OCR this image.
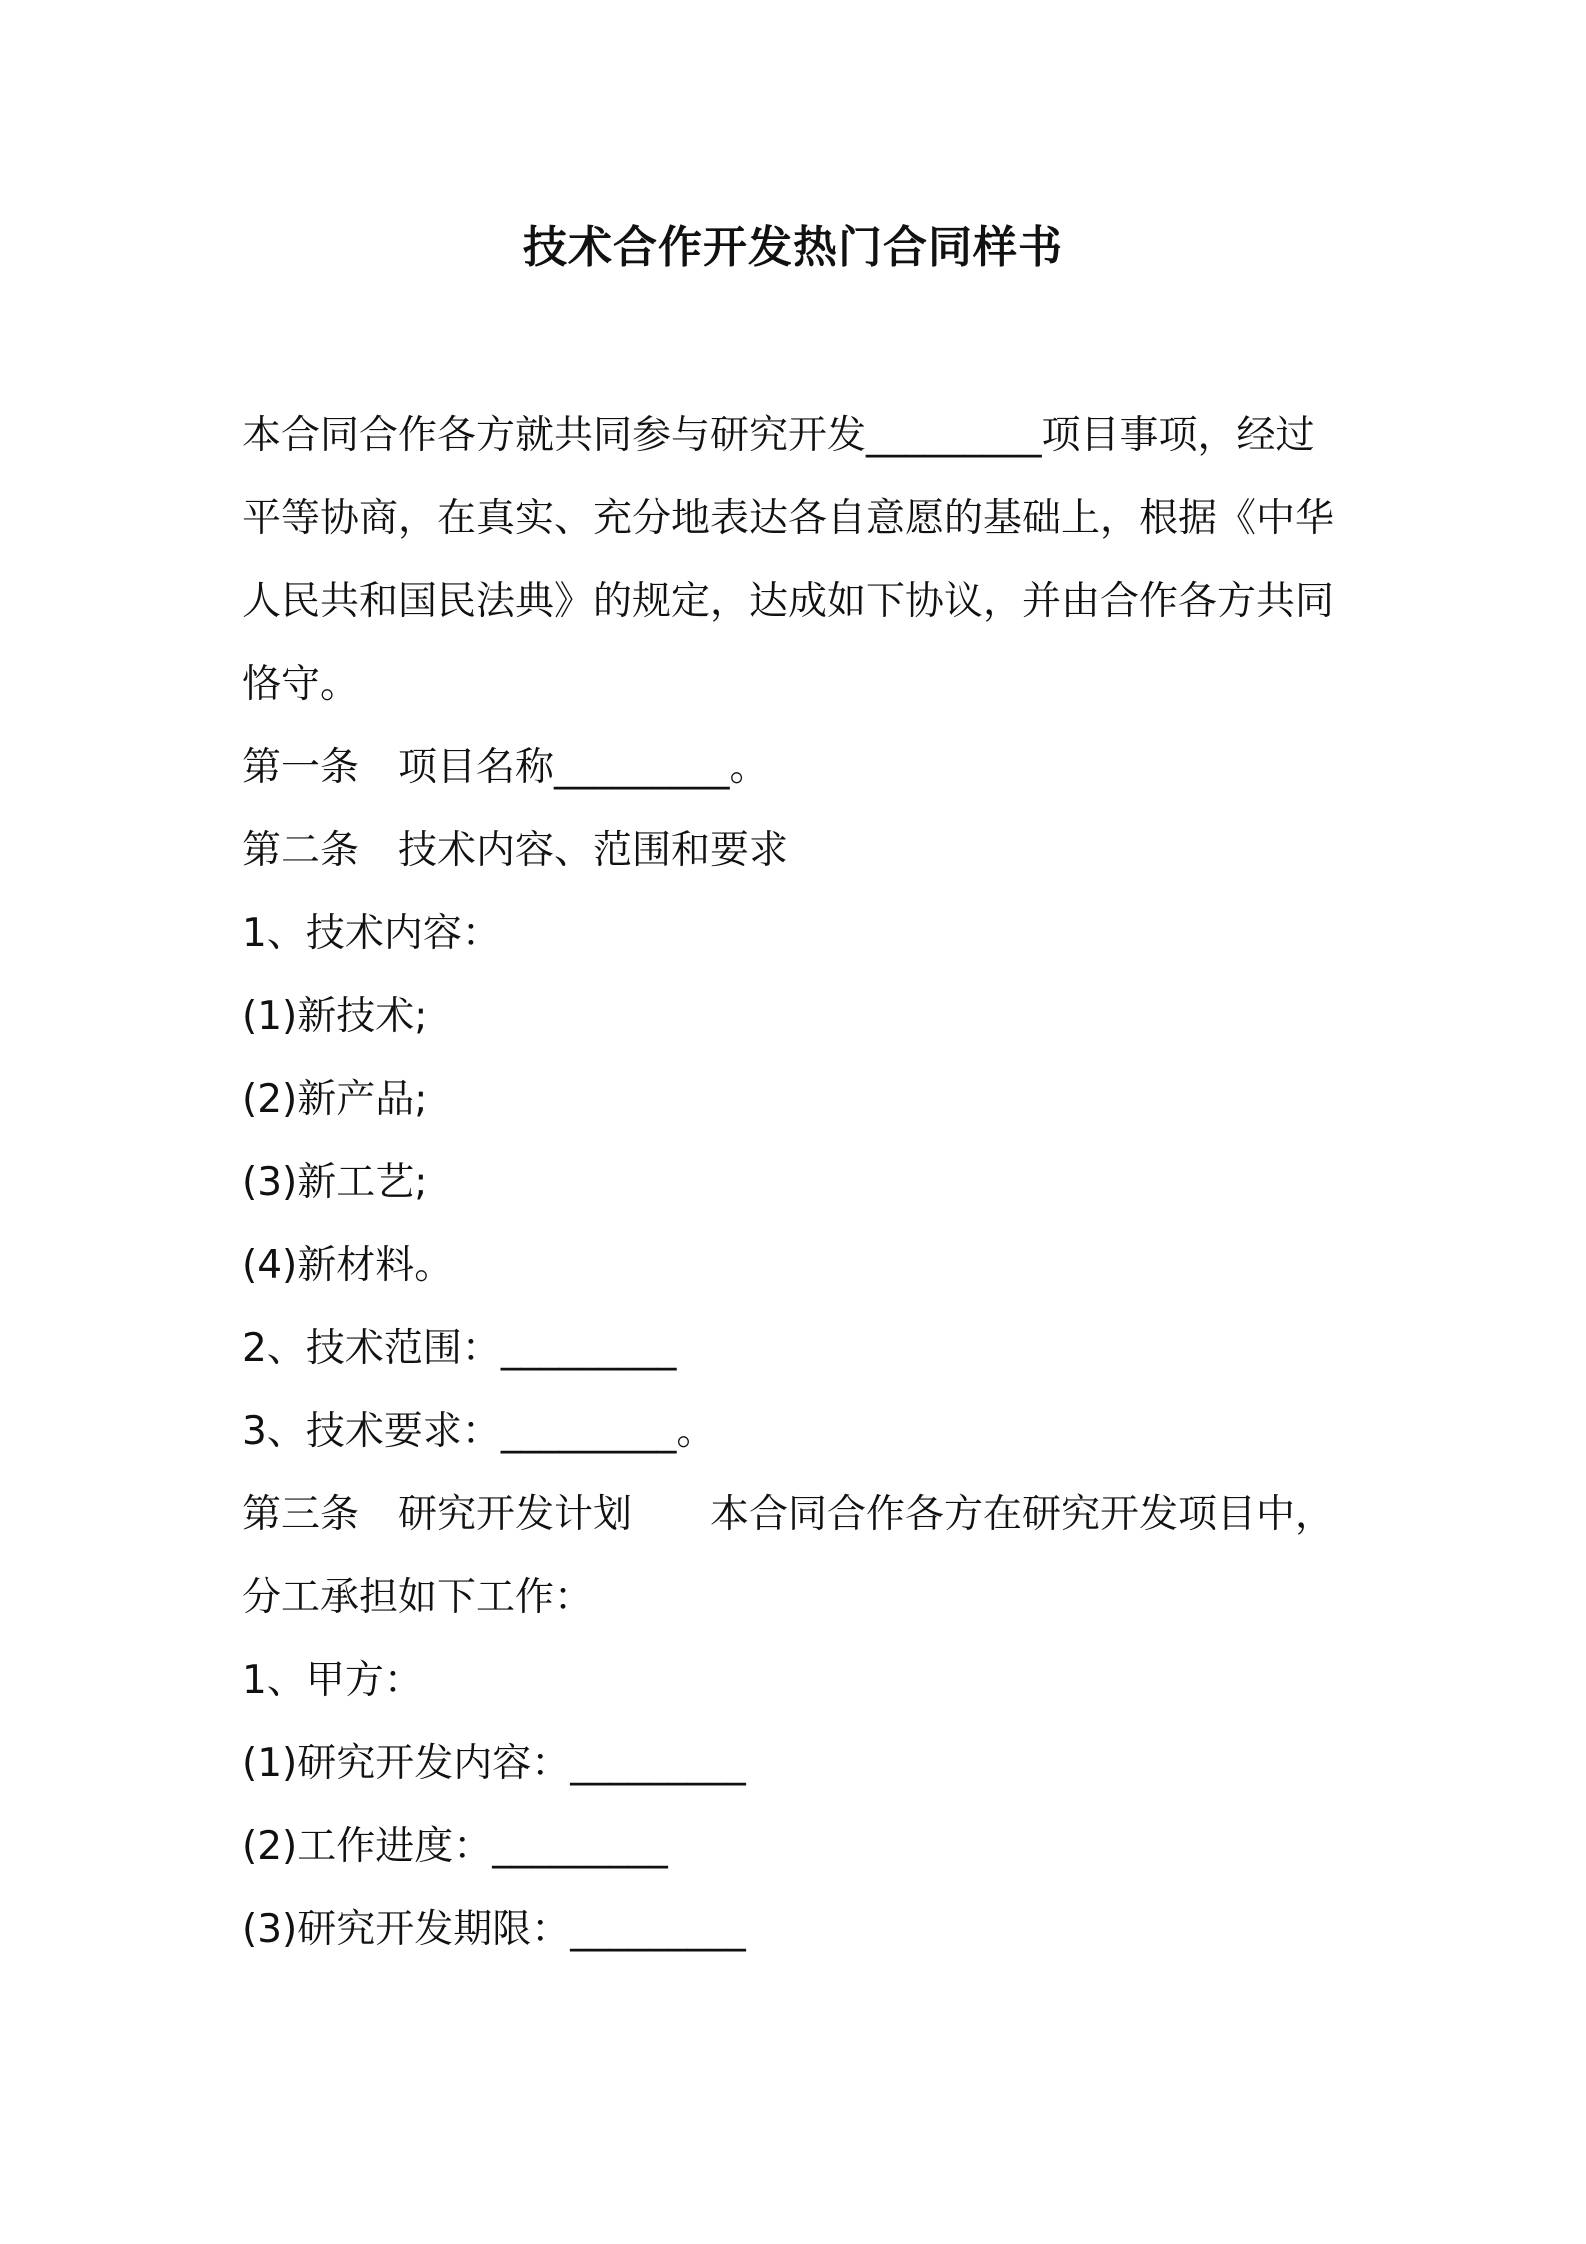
技术合作开发热门合同样书
本合同合作各方就共同参与研究开发_________项目事项，经过
平等协商，在真实、充分地表达各自意愿的基础上，根据《中华
人民共和国民法典》的规定，达成如下协议，并由合作各方共同
恪守。
第一条　项目名称_________。
第二条　技术内容、范围和要求
1、技术内容：
(1)新技术;
(2)新产品;
(3)新工艺;
(4)新材料。
2、技术范围：_________
3、技术要求：_________。
第三条　研究开发计划　　本合同合作各方在研究开发项目中，
分工承担如下工作：
1、甲方：
(1)研究开发内容：_________
(2)工作进度：_________
(3)研究开发期限：_________
